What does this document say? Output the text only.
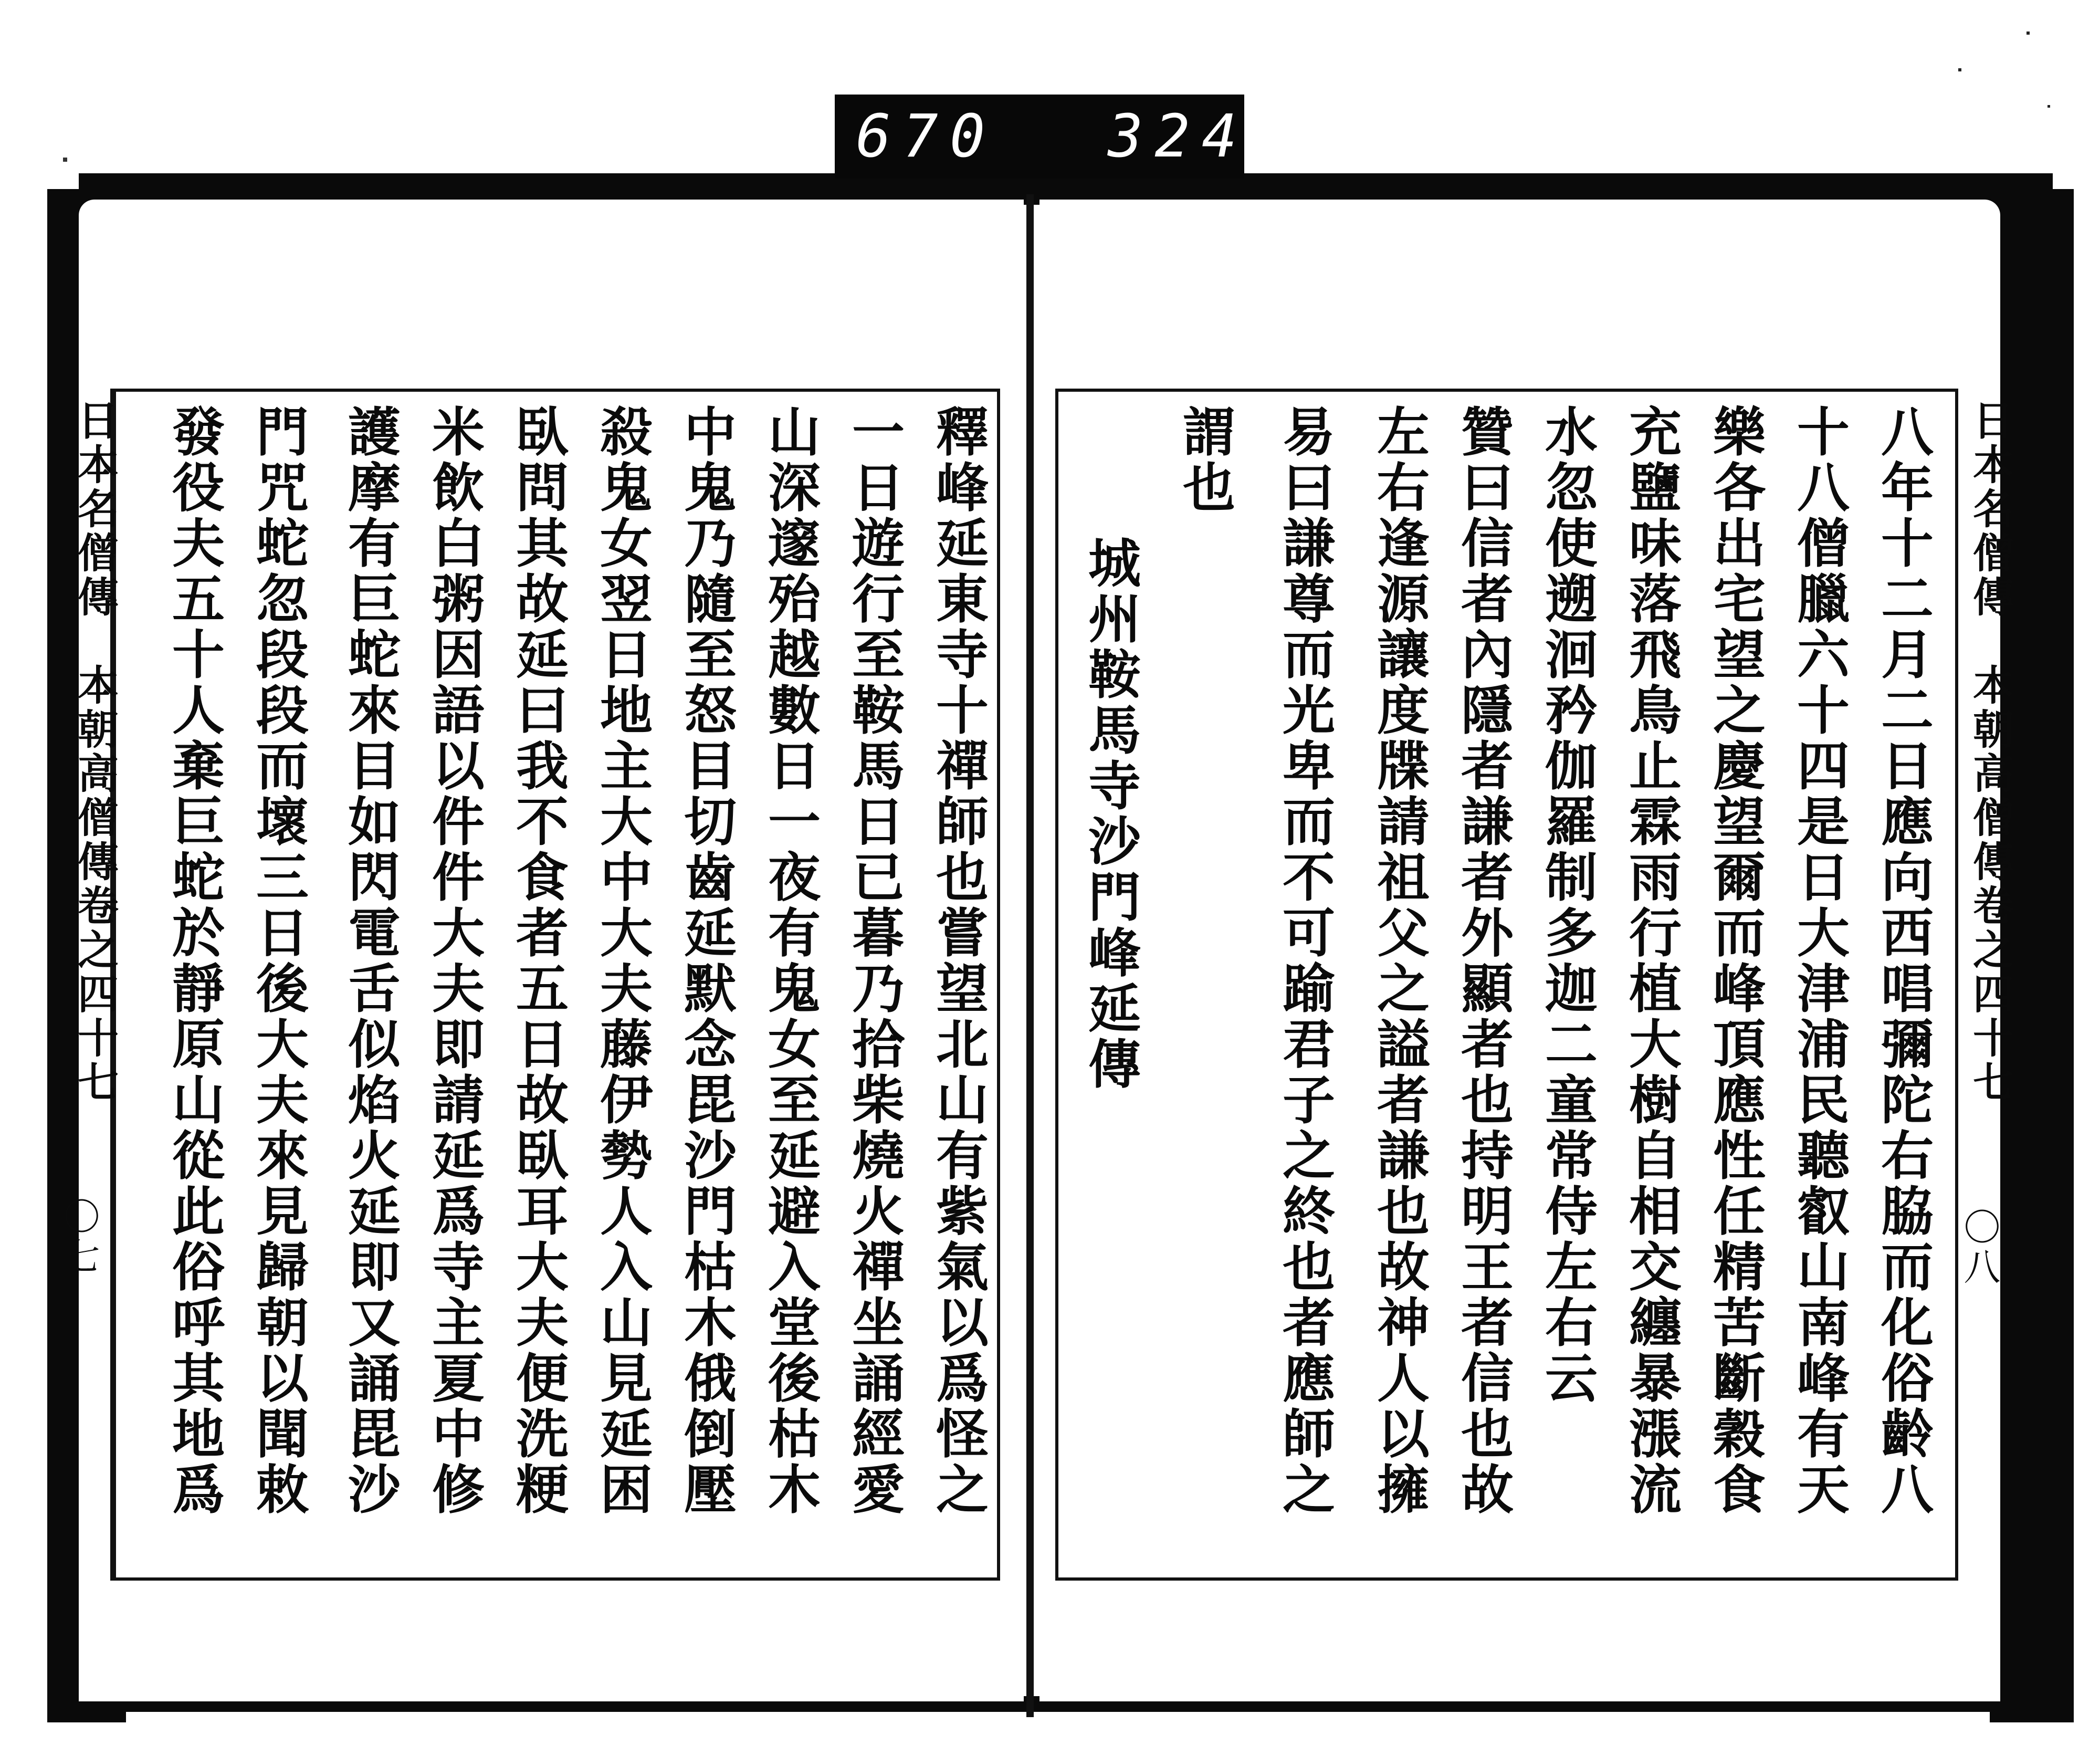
670 324
日本名僧傳　本朝高僧傳卷之四十七
〇七	釋峰延東寺十禪師也嘗望北山有紫氣以爲怪之
一日遊行至鞍馬日已暮乃拾柴燒火禪坐誦經愛
山深邃殆越數日一夜有鬼女至延避入堂後枯木
中鬼乃隨至怒目切齒延默念毘沙門枯木俄倒壓
殺鬼女翌日地主大中大夫藤伊勢人入山見延困
臥問其故延曰我不食者五日故臥耳大夫便洗粳
米飲白粥因語以件件大夫即請延爲寺主夏中修
護摩有巨蛇來目如閃電舌似焰火延即又誦毘沙
門咒蛇忽段段而壞三日後大夫來見歸朝以聞敕
發役夫五十人棄巨蛇於靜原山從此俗呼其地爲	日本名僧傳　本朝高僧傳卷之四十七
〇八
八年十二月二日應向西唱彌陀右脇而化俗齡八
十八僧臘六十四是日大津浦民聽叡山南峰有天
樂各出宅望之慶望爾而峰頂應性任精苦斷穀食
充鹽味落飛鳥止霖雨行植大樹自相交纏暴漲流
水忽使遡洄矜伽羅制多迦二童常侍左右云
贊曰信者內隱者謙者外顯者也持明王者信也故
左右逢源讓度牒請祖父之謚者謙也故神人以擁
易曰謙尊而光卑而不可踰君子之終也者應師之
謂也
城州鞍馬寺沙門峰延傳
